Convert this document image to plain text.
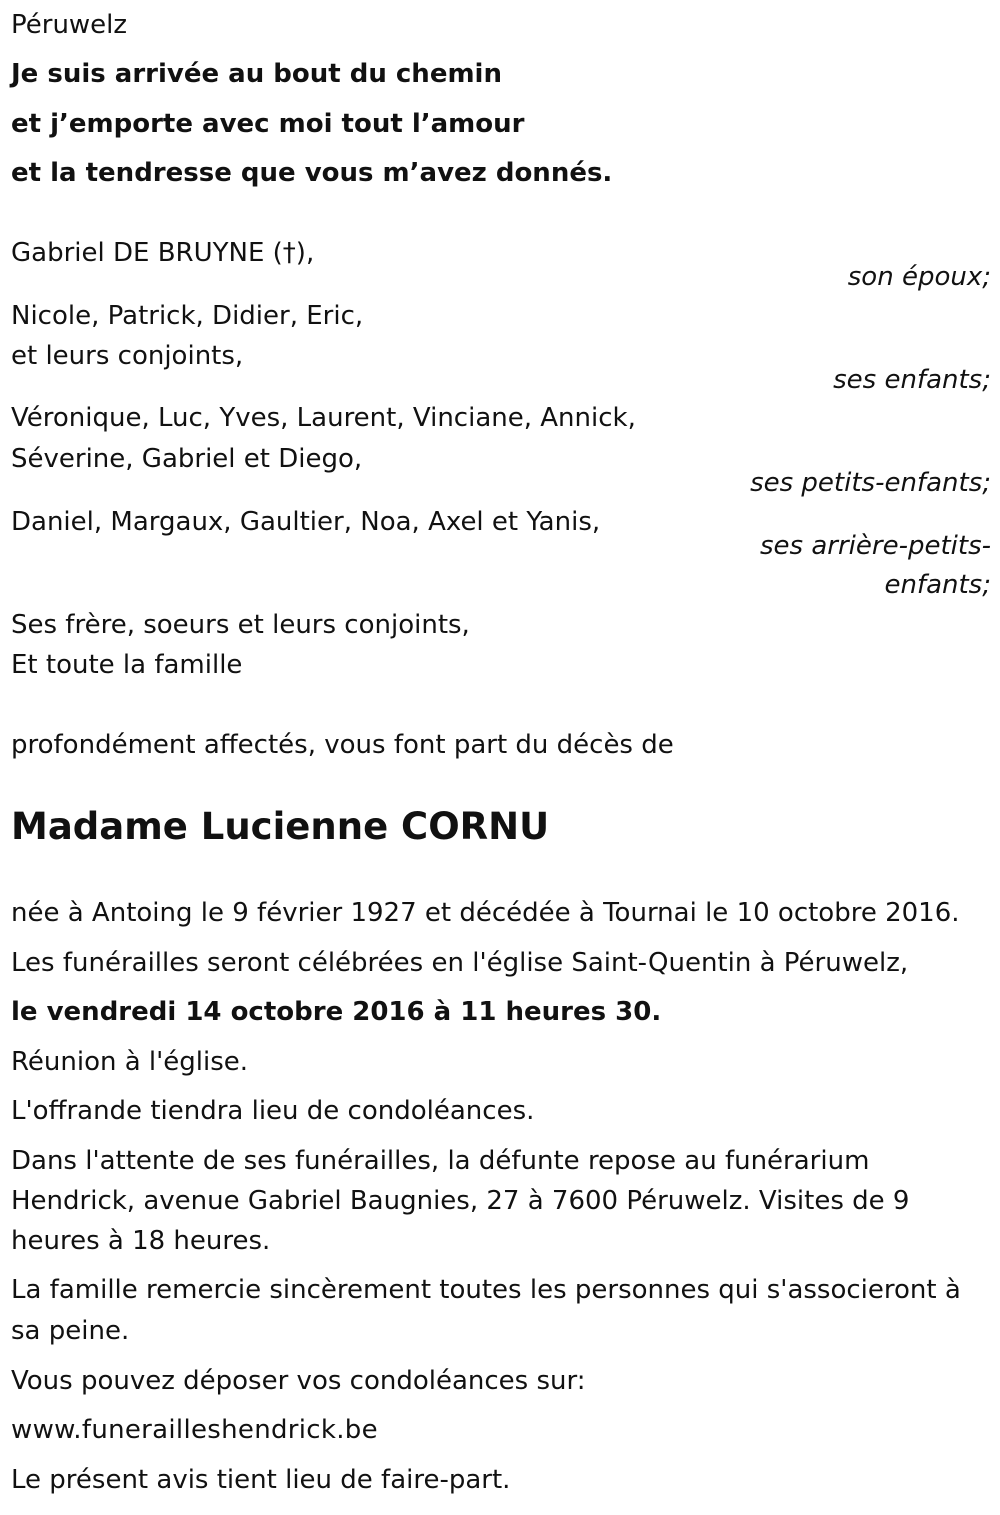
Péruwelz
Je suis arrivée au bout du chemin
et j’emporte avec moi tout l’amour
et la tendresse que vous m’avez donnés.
Gabriel DE BRUYNE (†),
son époux;
Nicole, Patrick, Didier, Eric,
et leurs conjoints,
ses enfants;
Véronique, Luc, Yves, Laurent, Vinciane, Annick,
Séverine, Gabriel et Diego,
ses petits-enfants;
Daniel, Margaux, Gaultier, Noa, Axel et Yanis,
ses arrière-petits-
enfants;
Ses frère, soeurs et leurs conjoints,
Et toute la famille
profondément affectés, vous font part du décès de
Madame Lucienne CORNU
née à Antoing le 9 février 1927 et décédée à Tournai le 10 octobre 2016.
Les funérailles seront célébrées en l'église Saint-Quentin à Péruwelz,
le vendredi 14 octobre 2016 à 11 heures 30.
Réunion à l'église.
L'offrande tiendra lieu de condoléances.
Dans l'attente de ses funérailles, la défunte repose au funérarium
Hendrick, avenue Gabriel Baugnies, 27 à 7600 Péruwelz. Visites de 9
heures à 18 heures.
La famille remercie sincèrement toutes les personnes qui s'associeront à
sa peine.
Vous pouvez déposer vos condoléances sur:
www.funerailleshendrick.be
Le présent avis tient lieu de faire-part.
